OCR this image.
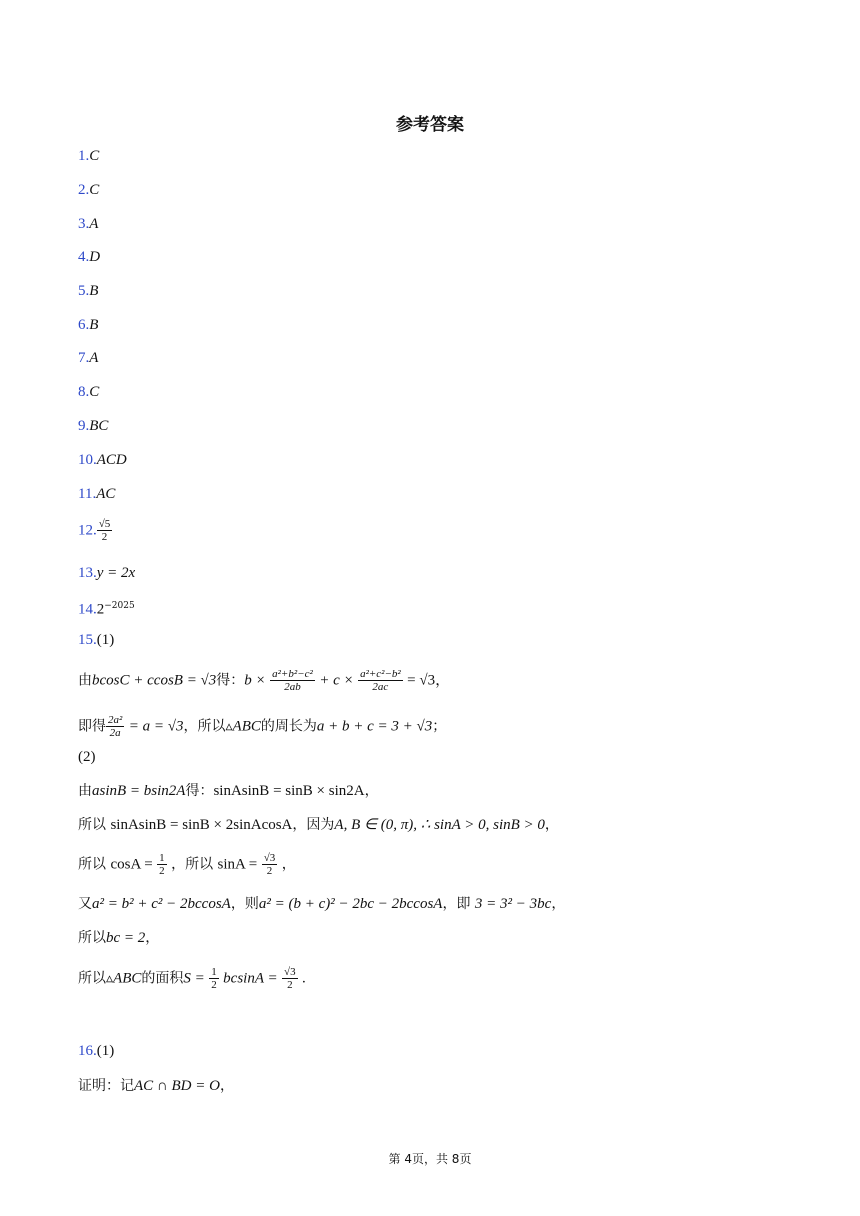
参考答案
1.C
2.C
3.A
4.D
5.B
6.B
7.A
8.C
9.BC
10.ACD
11.AC
12. $\frac{√5}{2}$
13.y = 2x
$14.2^{-2025}$
15.(1)
由bcosC + ccosB = √3得：$b \times \frac{\text{a²+b²−c²}}{2ab} + c \times \frac{\text{a²+c²−b²}}{2ac} = √3$，
即得 $\frac{\text{2a²}}{2a} = a = √3$，所以▵ABC的周长为a + b + c = 3 + √3；
(2)
由asinB = bsin2A得：sinAsinB = sinB × sin2A，
所以 sinAsinB = sinB × 2sinAcosA，因为A, B ∈ (0, π), ∴ sinA > 0, sinB > 0，
所以 $\cos A = \frac{1}{2}$ ，所以 $\sin A = \frac{√3}{2}$ ，
又a² = b² + c² − 2bccosA，则a² = (b + c)² − 2bc − 2bccosA，即 3 = 3² − 3bc，
所以bc = 2，
所以▵ABC的面积$S = \frac{1}{2}$ $bcsinA = \frac{√3}{2}$ .
16.(1)
证明：记AC ∩ BD = O，
第 4页，共 8页
